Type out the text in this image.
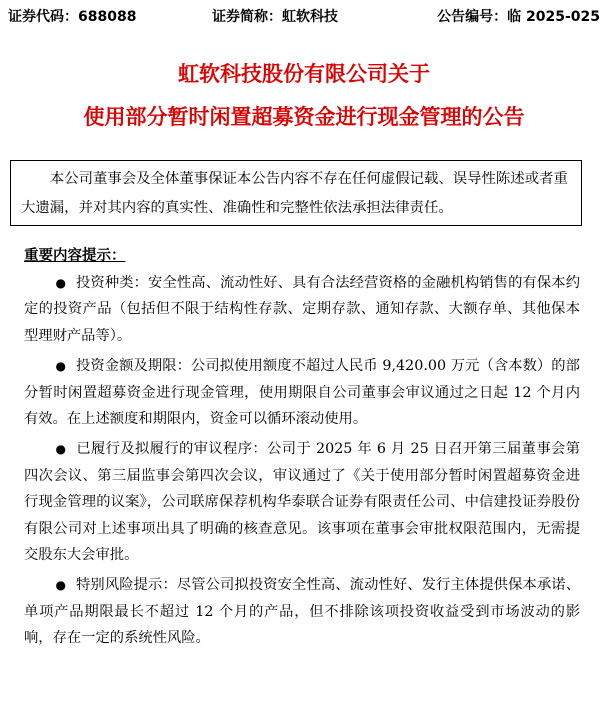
证券代码：688088	证券简称：虹软科技	公告编号：临 2025-025
虹软科技股份有限公司关于
使用部分暂时闲置超募资金进行现金管理的公告

本公司董事会及全体董事保证本公告内容不存在任何虚假记载、误导性陈述或者重大遗漏，并对其内容的真实性、准确性和完整性依法承担法律责任。

重要内容提示：

● 投资种类：安全性高、流动性好、具有合法经营资格的金融机构销售的有保本约定的投资产品（包括但不限于结构性存款、定期存款、通知存款、大额存单、其他保本型理财产品等）。

● 投资金额及期限：公司拟使用额度不超过人民币 9,420.00 万元（含本数）的部分暂时闲置超募资金进行现金管理，使用期限自公司董事会审议通过之日起 12 个月内有效。在上述额度和期限内，资金可以循环滚动使用。

● 已履行及拟履行的审议程序：公司于 2025 年 6 月 25 日召开第三届董事会第四次会议、第三届监事会第四次会议，审议通过了《关于使用部分暂时闲置超募资金进行现金管理的议案》，公司联席保荐机构华泰联合证券有限责任公司、中信建投证券股份有限公司对上述事项出具了明确的核查意见。该事项在董事会审批权限范围内，无需提交股东大会审批。

● 特别风险提示：尽管公司拟投资安全性高、流动性好、发行主体提供保本承诺、单项产品期限最长不超过 12 个月的产品，但不排除该项投资收益受到市场波动的影响，存在一定的系统性风险。
